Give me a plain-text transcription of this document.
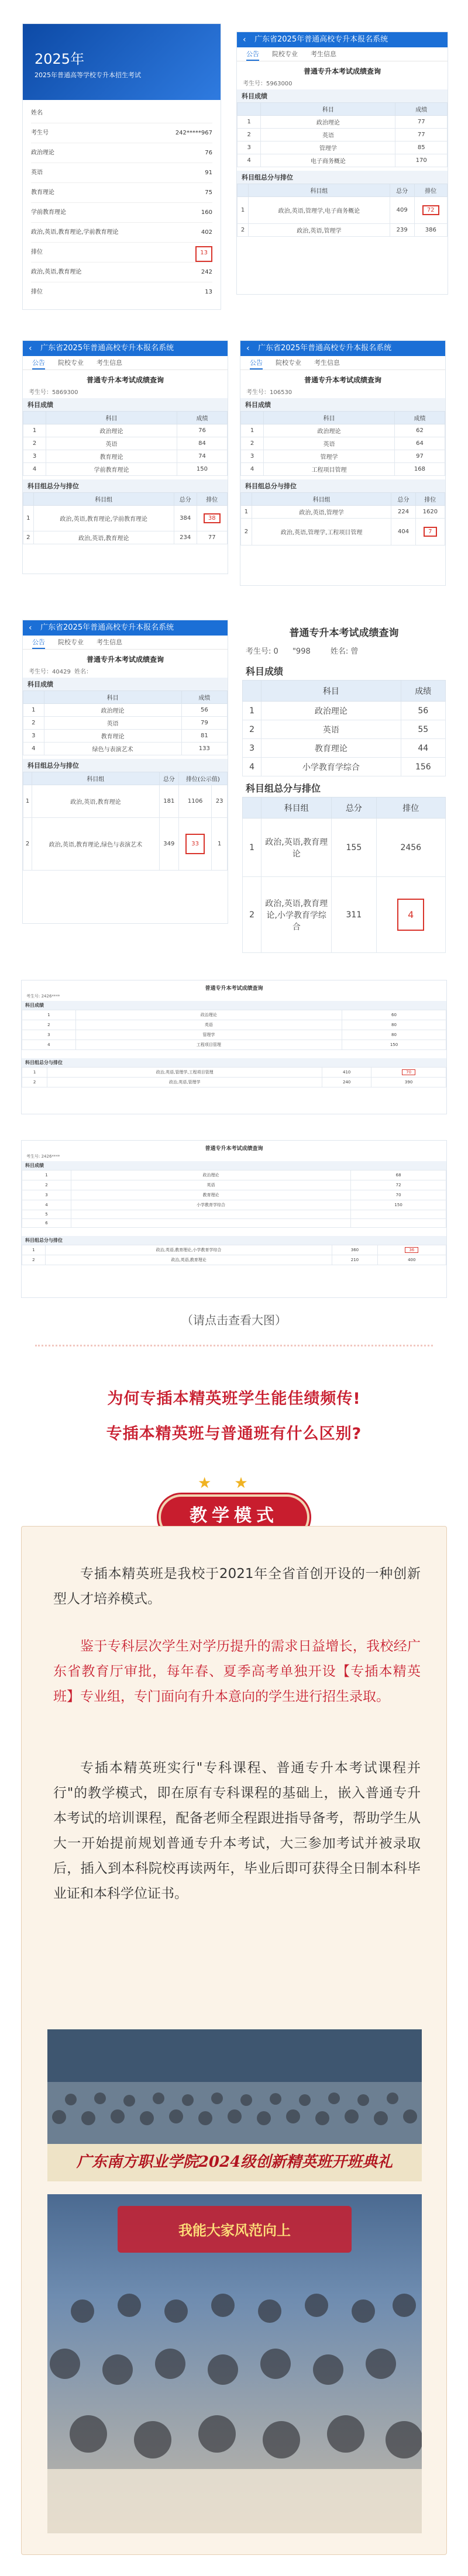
2025年
2025年普通高等学校专升本招生考试
姓名
考生号	242*****967
政治理论	76
英语	91
教育理论	75
学前教育理论	160
政治,英语,教育理论,学前教育理论	402
排位	13
政治,英语,教育理论	242
排位	13
‹ 广东省2025年普通高校专升本报名系统
公告 院校专业 考生信息
普通专升本考试成绩查询
考生号：5963000
科目成绩
	科目	成绩
1	政治理论	77
2	英语	77
3	管理学	85
4	电子商务概论	170
科目组总分与排位
	科目组	总分	排位
1	政治,英语,管理学,电子商务概论	409	72
2	政治,英语,管理学	239	386
‹ 广东省2025年普通高校专升本报名系统
公告 院校专业 考生信息
普通专升本考试成绩查询
考生号：5869300
科目成绩
	科目	成绩
1	政治理论	76
2	英语	84
3	教育理论	74
4	学前教育理论	150
科目组总分与排位
	科目组	总分	排位
1	政治,英语,教育理论,学前教育理论	384	38
2	政治,英语,教育理论	234	77
‹ 广东省2025年普通高校专升本报名系统
公告 院校专业 考生信息
普通专升本考试成绩查询
考生号：106530
科目成绩
	科目	成绩
1	政治理论	62
2	英语	64
3	管理学	97
4	工程项目管理	168
科目组总分与排位
	科目组	总分	排位
1	政治,英语,管理学	224	1620
2	政治,英语,管理学,工程项目管理	404	7
‹ 广东省2025年普通高校专升本报名系统
公告 院校专业 考生信息
普通专升本考试成绩查询
考生号：40429 姓名：
科目成绩
	科目	成绩
1	政治理论	56
2	英语	79
3	教育理论	81
4	绿色与表演艺术	133
科目组总分与排位
	科目组	总分	排位(公示值)	
1	政治,英语,教育理论	181	1106	23
2	政治,英语,教育理论,绿色与表演艺术	349	33	1
普通专升本考试成绩查询
考生号: 0 "998	姓名: 曾
科目成绩
	科目	成绩
1	政治理论	56
2	英语	55
3	教育理论	44
4	小学教育学综合	156
科目组总分与排位
	科目组	总分	排位
1	政治,英语,教育理论	155	2456
2	政治,英语,教育理论,小学教育学综合	311	4
普通专升本考试成绩查询
考生号: 2426****
科目成绩
1	政治理论	60
2	英语	80
3	管理学	80
4	工程项目管理	150
科目组总分与排位
1	政治,英语,管理学,工程项目管理	410	70
2	政治,英语,管理学	240	390
普通专升本考试成绩查询
考生号: 2426****
科目成绩
1	政治理论	68
2	英语	72
3	教育理论	70
4	小学教育学综合	150
5		
6		
科目组总分与排位
1	政治,英语,教育理论,小学教育学综合	360	36
2	政治,英语,教育理论	210	400
（请点击查看大图）
为何专插本精英班学生能佳绩频传!
专插本精英班与普通班有什么区别?
★ ★
教学模式
专插本精英班是我校于2021年全省首创开设的一种创新型人才培养模式。
鉴于专科层次学生对学历提升的需求日益增长，我校经广东省教育厅审批，每年春、夏季高考单独开设【专插本精英班】专业组，专门面向有升本意向的学生进行招生录取。
专插本精英班实行"专科课程、普通专升本考试课程并行"的教学模式，即在原有专科课程的基础上，嵌入普通专升本考试的培训课程，配备老师全程跟进指导备考，帮助学生从大一开始提前规划普通专升本考试，大三参加考试并被录取后，插入到本科院校再读两年，毕业后即可获得全日制本科毕业证和本科学位证书。
广东南方职业学院2024级创新精英班开班典礼
我能大家风范向上
